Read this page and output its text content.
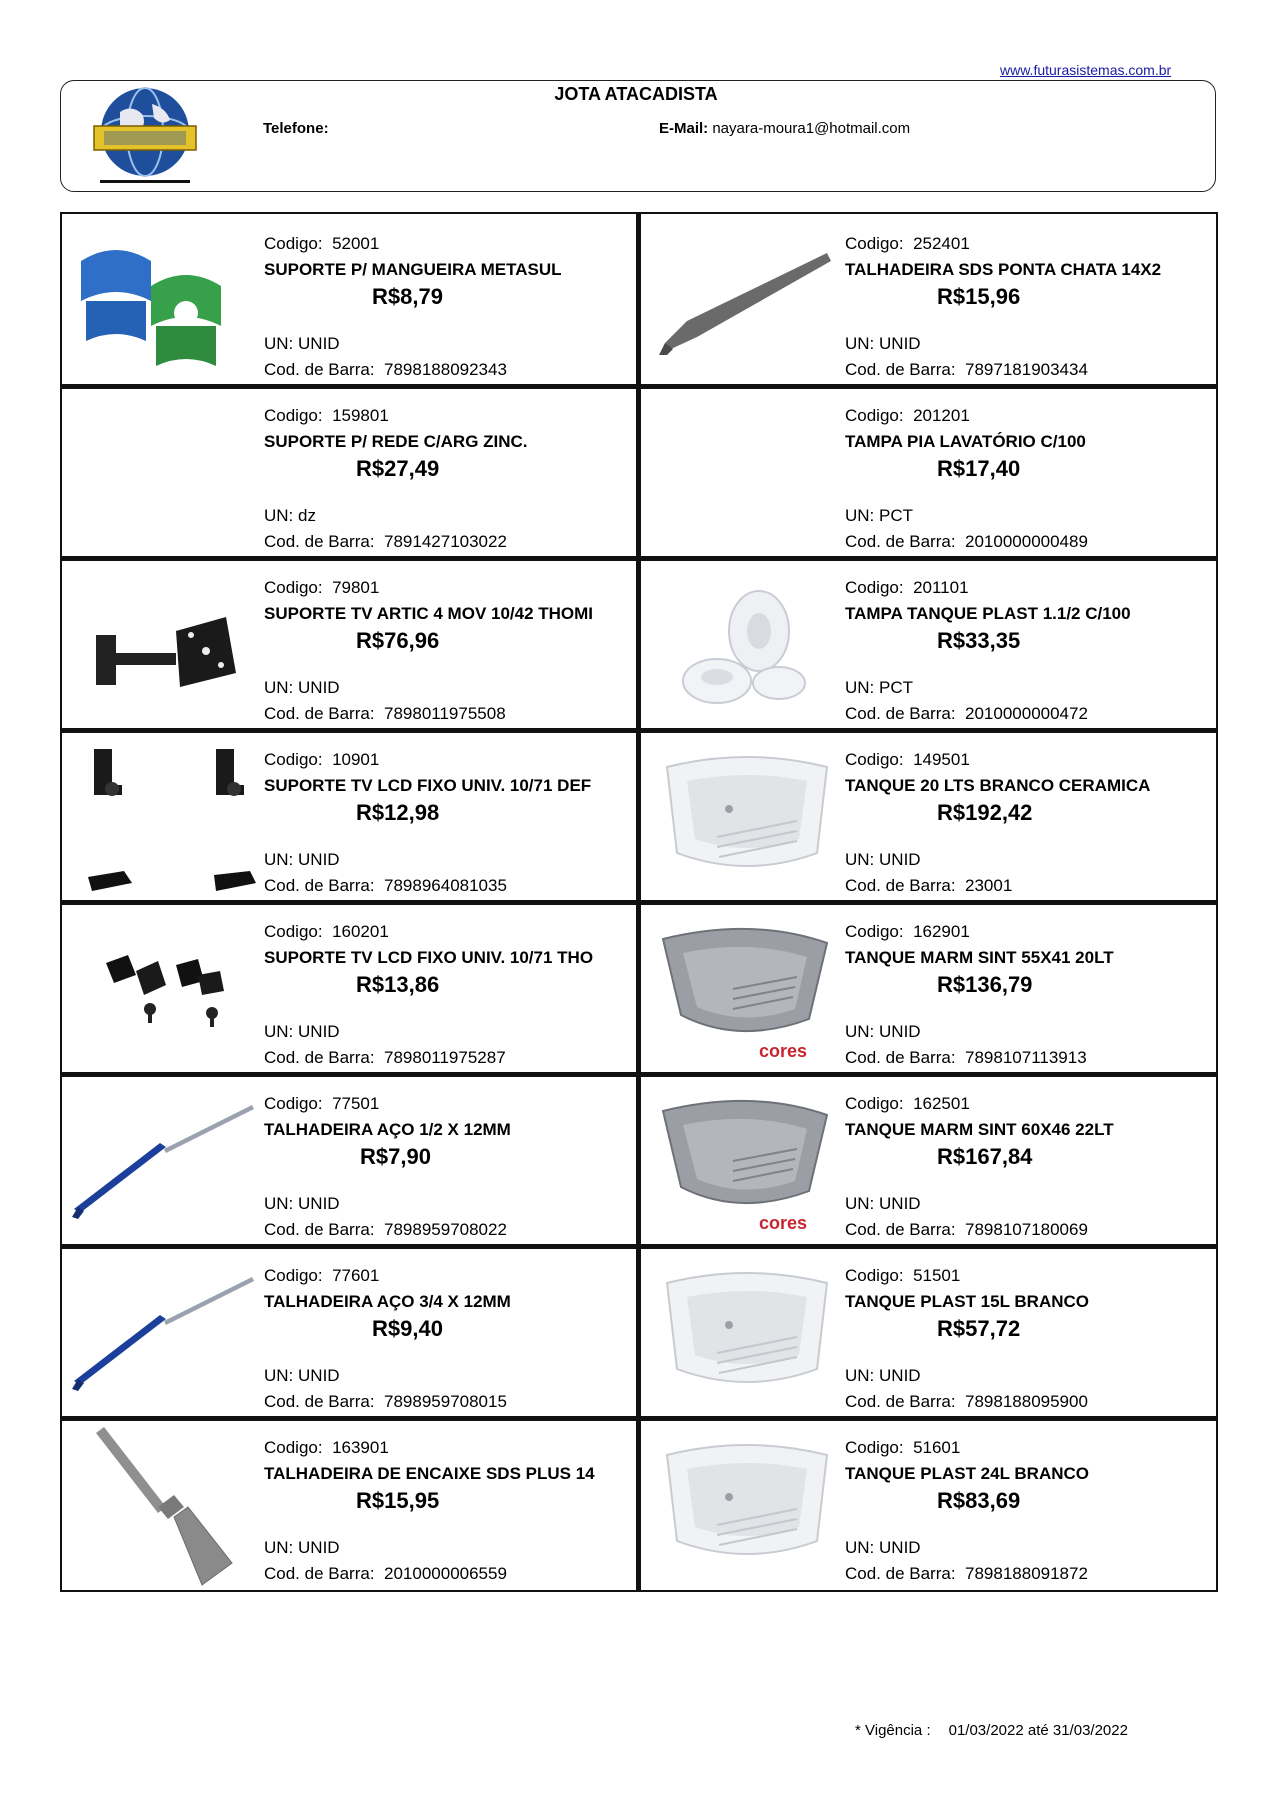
www.futurasistemas.com.br
JOTA ATACADISTA
Telefone:	E-Mail: nayara-moura1@hotmail.com
Codigo: 52001
SUPORTE P/ MANGUEIRA METASUL
R$8,79
UN: UNID
Cod. de Barra: 7898188092343
Codigo: 252401
TALHADEIRA SDS PONTA CHATA 14X2
R$15,96
UN: UNID
Cod. de Barra: 7897181903434
Codigo: 159801
SUPORTE P/ REDE C/ARG ZINC.
R$27,49
UN: dz
Cod. de Barra: 7891427103022
Codigo: 201201
TAMPA PIA LAVATÓRIO C/100
R$17,40
UN: PCT
Cod. de Barra: 2010000000489
Codigo: 79801
SUPORTE TV ARTIC 4 MOV 10/42 THOMI
R$76,96
UN: UNID
Cod. de Barra: 7898011975508
Codigo: 201101
TAMPA TANQUE PLAST 1.1/2 C/100
R$33,35
UN: PCT
Cod. de Barra: 2010000000472
Codigo: 10901
SUPORTE TV LCD FIXO UNIV. 10/71 DEF
R$12,98
UN: UNID
Cod. de Barra: 7898964081035
Codigo: 149501
TANQUE 20 LTS BRANCO CERAMICA
R$192,42
UN: UNID
Cod. de Barra: 23001
Codigo: 160201
SUPORTE TV LCD FIXO UNIV. 10/71 THO
R$13,86
UN: UNID
Cod. de Barra: 7898011975287	cores
Codigo: 162901
TANQUE MARM SINT 55X41 20LT
R$136,79
UN: UNID
Cod. de Barra: 7898107113913
Codigo: 77501
TALHADEIRA AÇO 1/2 X 12MM
R$7,90
UN: UNID
Cod. de Barra: 7898959708022	cores
Codigo: 162501
TANQUE MARM SINT 60X46 22LT
R$167,84
UN: UNID
Cod. de Barra: 7898107180069
Codigo: 77601
TALHADEIRA AÇO 3/4 X 12MM
R$9,40
UN: UNID
Cod. de Barra: 7898959708015
Codigo: 51501
TANQUE PLAST 15L BRANCO
R$57,72
UN: UNID
Cod. de Barra: 7898188095900
Codigo: 163901
TALHADEIRA DE ENCAIXE SDS PLUS 14
R$15,95
UN: UNID
Cod. de Barra: 2010000006559
Codigo: 51601
TANQUE PLAST 24L BRANCO
R$83,69
UN: UNID
Cod. de Barra: 7898188091872
* Vigência : 01/03/2022 até 31/03/2022
